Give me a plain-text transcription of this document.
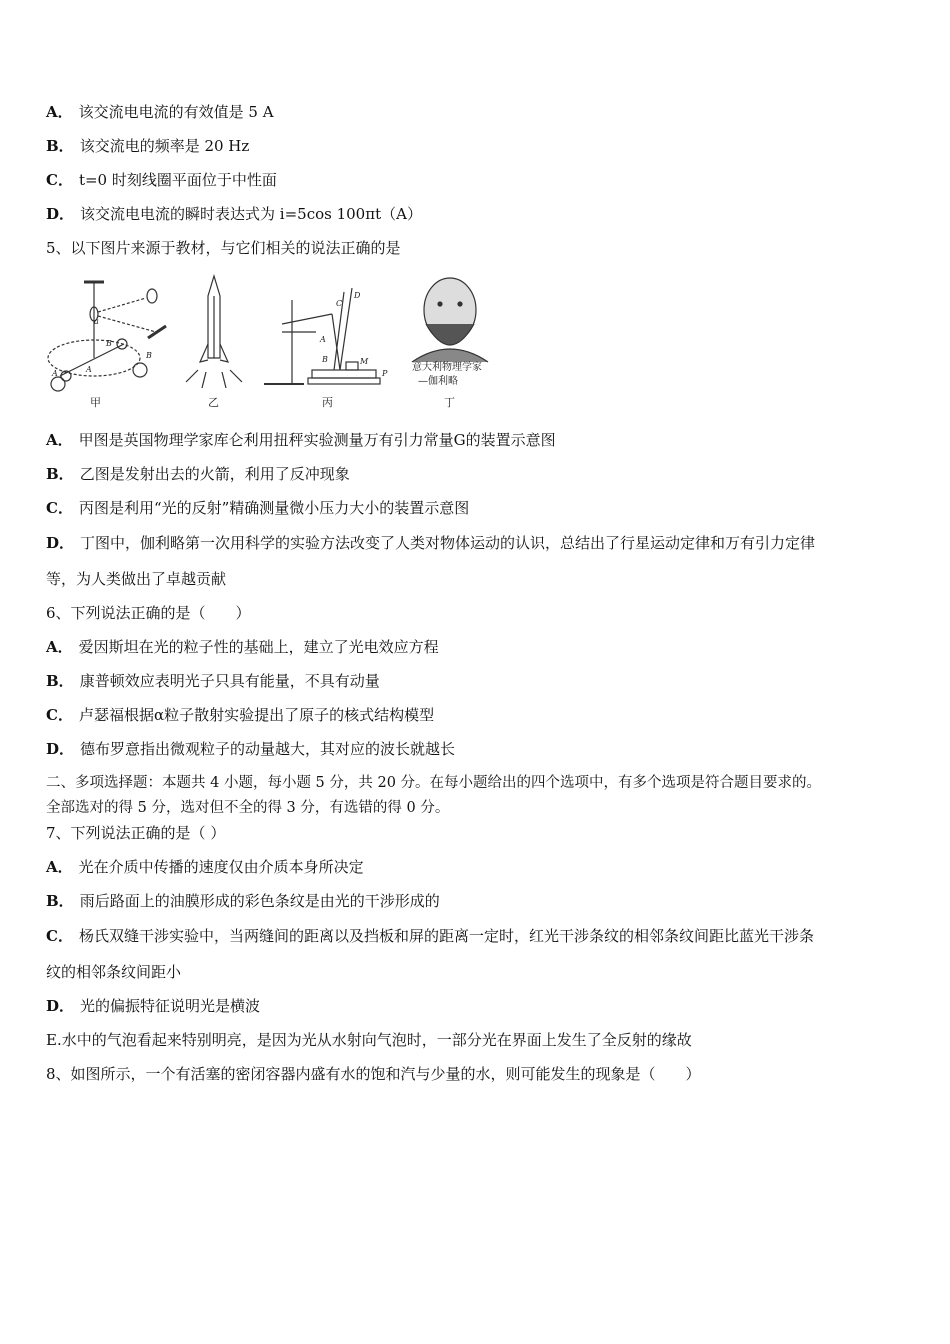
A． 该交流电电流的有效值是 5 A
B． 该交流电的频率是 20 Hz
C． t=0 时刻线圈平面位于中性面
D． 该交流电电流的瞬时表达式为 i=5cos 100πt（A）
5、以下图片来源于教材，与它们相关的说法正确的是
A
B
A
B
a
C
D
A
B	M
P
甲	乙	丙	丁
意大利物理学家
—伽利略
A． 甲图是英国物理学家库仑利用扭秤实验测量万有引力常量G的装置示意图
B． 乙图是发射出去的火箭，利用了反冲现象
C． 丙图是利用“光的反射”精确测量微小压力大小的装置示意图
D． 丁图中，伽利略第一次用科学的实验方法改变了人类对物体运动的认识，总结出了行星运动定律和万有引力定律
等，为人类做出了卓越贡献
6、下列说法正确的是（　　）
A． 爱因斯坦在光的粒子性的基础上，建立了光电效应方程
B． 康普顿效应表明光子只具有能量，不具有动量
C． 卢瑟福根据α粒子散射实验提出了原子的核式结构模型
D． 德布罗意指出微观粒子的动量越大，其对应的波长就越长
二、多项选择题：本题共 4 小题，每小题 5 分，共 20 分。在每小题给出的四个选项中，有多个选项是符合题目要求的。
全部选对的得 5 分，选对但不全的得 3 分，有选错的得 0 分。
7、下列说法正确的是（ ）
A． 光在介质中传播的速度仅由介质本身所决定
B． 雨后路面上的油膜形成的彩色条纹是由光的干涉形成的
C． 杨氏双缝干涉实验中，当两缝间的距离以及挡板和屏的距离一定时，红光干涉条纹的相邻条纹间距比蓝光干涉条
纹的相邻条纹间距小
D． 光的偏振特征说明光是横波
E.水中的气泡看起来特别明亮，是因为光从水射向气泡时，一部分光在界面上发生了全反射的缘故
8、如图所示，一个有活塞的密闭容器内盛有水的饱和汽与少量的水，则可能发生的现象是（　　）
